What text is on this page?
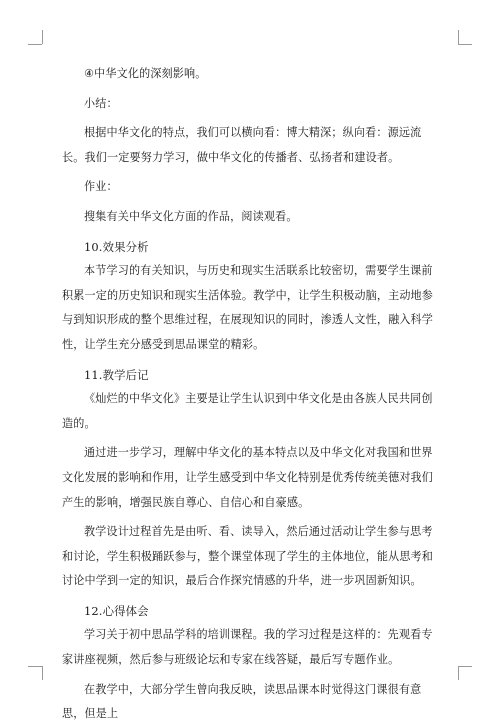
④中华文化的深刻影响。

小结：

根据中华文化的特点，我们可以横向看：博大精深；纵向看：源远流长。我们一定要努力学习，做中华文化的传播者、弘扬者和建设者。

作业：

搜集有关中华文化方面的作品，阅读观看。

10.效果分析

本节学习的有关知识，与历史和现实生活联系比较密切，需要学生课前积累一定的历史知识和现实生活体验。教学中，让学生积极动脑，主动地参与到知识形成的整个思维过程，在展现知识的同时，渗透人文性，融入科学性，让学生充分感受到思品课堂的精彩。

11.教学后记

《灿烂的中华文化》主要是让学生认识到中华文化是由各族人民共同创造的。

通过进一步学习，理解中华文化的基本特点以及中华文化对我国和世界文化发展的影响和作用，让学生感受到中华文化特别是优秀传统美德对我们产生的影响，增强民族自尊心、自信心和自豪感。

教学设计过程首先是由听、看、读导入，然后通过活动让学生参与思考和讨论，学生积极踊跃参与，整个课堂体现了学生的主体地位，能从思考和讨论中学到一定的知识，最后合作探究情感的升华，进一步巩固新知识。

12.心得体会

学习关于初中思品学科的培训课程。我的学习过程是这样的：先观看专家讲座视频，然后参与班级论坛和专家在线答疑，最后写专题作业。

在教学中，大部分学生曾向我反映，读思品课本时觉得这门课很有意思，但是上
